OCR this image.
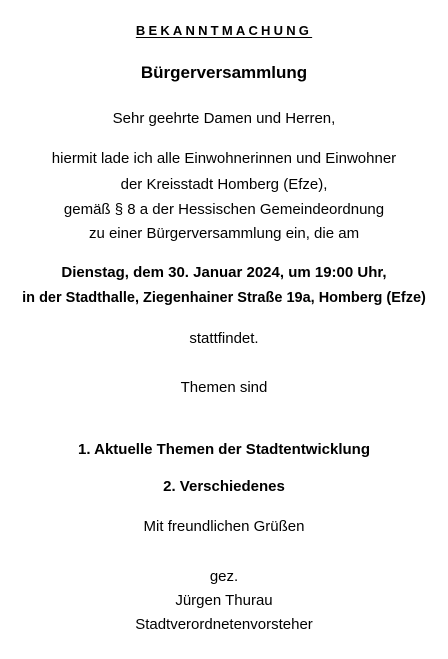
BEKANNTMACHUNG
Bürgerversammlung
Sehr geehrte Damen und Herren,
hiermit lade ich alle Einwohnerinnen und Einwohner
der Kreisstadt Homberg (Efze),
gemäß § 8 a der Hessischen Gemeindeordnung
zu einer Bürgerversammlung ein, die am
Dienstag, dem 30. Januar 2024, um 19:00 Uhr,
in der Stadthalle, Ziegenhainer Straße 19a, Homberg (Efze)
stattfindet.
Themen sind
1. Aktuelle Themen der Stadtentwicklung
2. Verschiedenes
Mit freundlichen Grüßen
gez.
Jürgen Thurau
Stadtverordnetenvorsteher
